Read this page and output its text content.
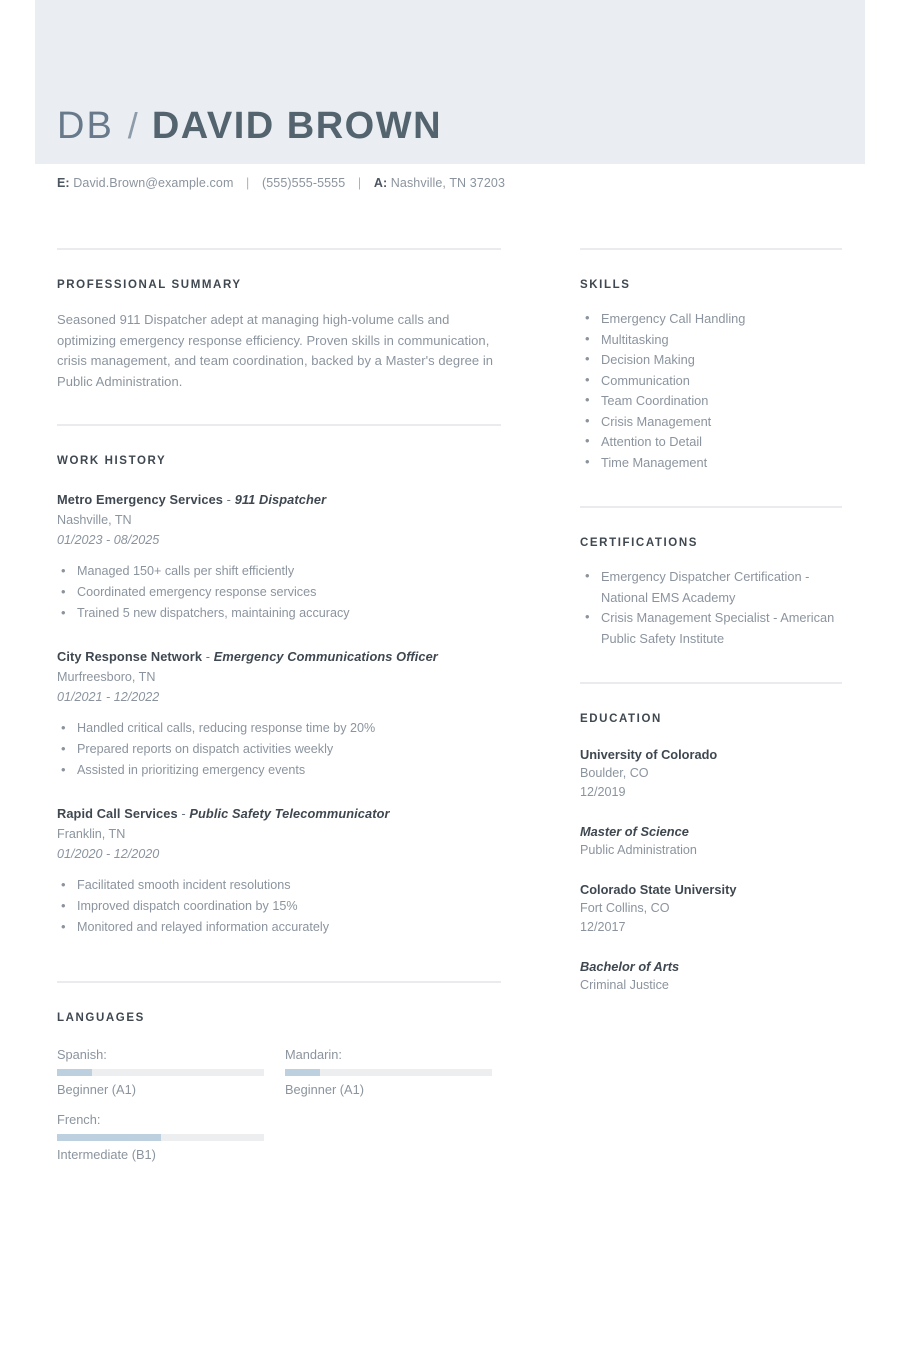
DB / DAVID BROWN
E: David.Brown@example.com | (555)555-5555 | A: Nashville, TN 37203
PROFESSIONAL SUMMARY
Seasoned 911 Dispatcher adept at managing high-volume calls and optimizing emergency response efficiency. Proven skills in communication, crisis management, and team coordination, backed by a Master's degree in Public Administration.
WORK HISTORY
Metro Emergency Services - 911 Dispatcher
Nashville, TN
01/2023 - 08/2025
• Managed 150+ calls per shift efficiently
• Coordinated emergency response services
• Trained 5 new dispatchers, maintaining accuracy
City Response Network - Emergency Communications Officer
Murfreesboro, TN
01/2021 - 12/2022
• Handled critical calls, reducing response time by 20%
• Prepared reports on dispatch activities weekly
• Assisted in prioritizing emergency events
Rapid Call Services - Public Safety Telecommunicator
Franklin, TN
01/2020 - 12/2020
• Facilitated smooth incident resolutions
• Improved dispatch coordination by 15%
• Monitored and relayed information accurately
LANGUAGES
Spanish:
Beginner (A1)
Mandarin:
Beginner (A1)
French:
Intermediate (B1)
SKILLS
• Emergency Call Handling
• Multitasking
• Decision Making
• Communication
• Team Coordination
• Crisis Management
• Attention to Detail
• Time Management
CERTIFICATIONS
• Emergency Dispatcher Certification - National EMS Academy
• Crisis Management Specialist - American Public Safety Institute
EDUCATION
University of Colorado
Boulder, CO
12/2019
Master of Science
Public Administration
Colorado State University
Fort Collins, CO
12/2017
Bachelor of Arts
Criminal Justice
